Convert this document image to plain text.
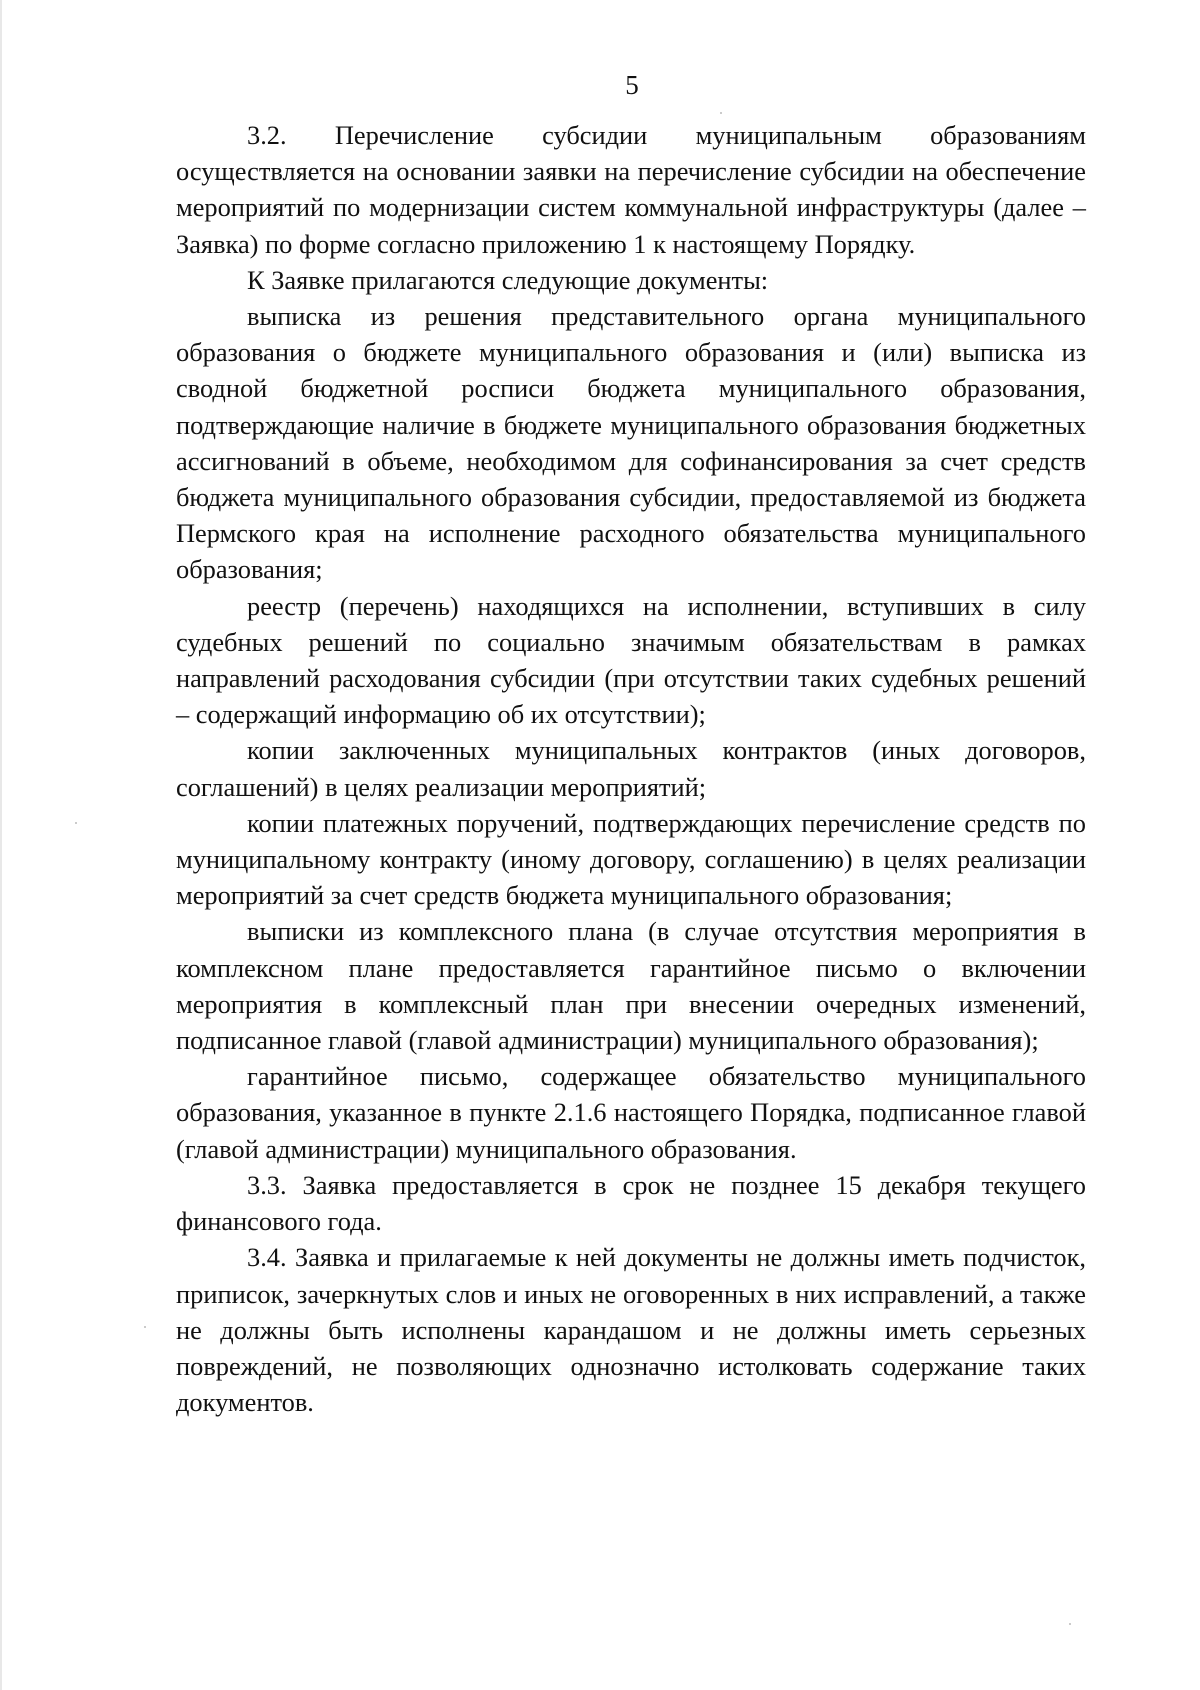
5

3.2. Перечисление субсидии муниципальным образованиям осуществляется на основании заявки на перечисление субсидии на обеспечение мероприятий по модернизации систем коммунальной инфраструктуры (далее – Заявка) по форме согласно приложению 1 к настоящему Порядку.

К Заявке прилагаются следующие документы:

выписка из решения представительного органа муниципального образования о бюджете муниципального образования и (или) выписка из сводной бюджетной росписи бюджета муниципального образования, подтверждающие наличие в бюджете муниципального образования бюджетных ассигнований в объеме, необходимом для софинансирования за счет средств бюджета муниципального образования субсидии, предоставляемой из бюджета Пермского края на исполнение расходного обязательства муниципального образования;

реестр (перечень) находящихся на исполнении, вступивших в силу судебных решений по социально значимым обязательствам в рамках направлений расходования субсидии (при отсутствии таких судебных решений – содержащий информацию об их отсутствии);

копии заключенных муниципальных контрактов (иных договоров, соглашений) в целях реализации мероприятий;

копии платежных поручений, подтверждающих перечисление средств по муниципальному контракту (иному договору, соглашению) в целях реализации мероприятий за счет средств бюджета муниципального образования;

выписки из комплексного плана (в случае отсутствия мероприятия в комплексном плане предоставляется гарантийное письмо о включении мероприятия в комплексный план при внесении очередных изменений, подписанное главой (главой администрации) муниципального образования);

гарантийное письмо, содержащее обязательство муниципального образования, указанное в пункте 2.1.6 настоящего Порядка, подписанное главой (главой администрации) муниципального образования.

3.3. Заявка предоставляется в срок не позднее 15 декабря текущего финансового года.

3.4. Заявка и прилагаемые к ней документы не должны иметь подчисток, приписок, зачеркнутых слов и иных не оговоренных в них исправлений, а также не должны быть исполнены карандашом и не должны иметь серьезных повреждений, не позволяющих однозначно истолковать содержание таких документов.
